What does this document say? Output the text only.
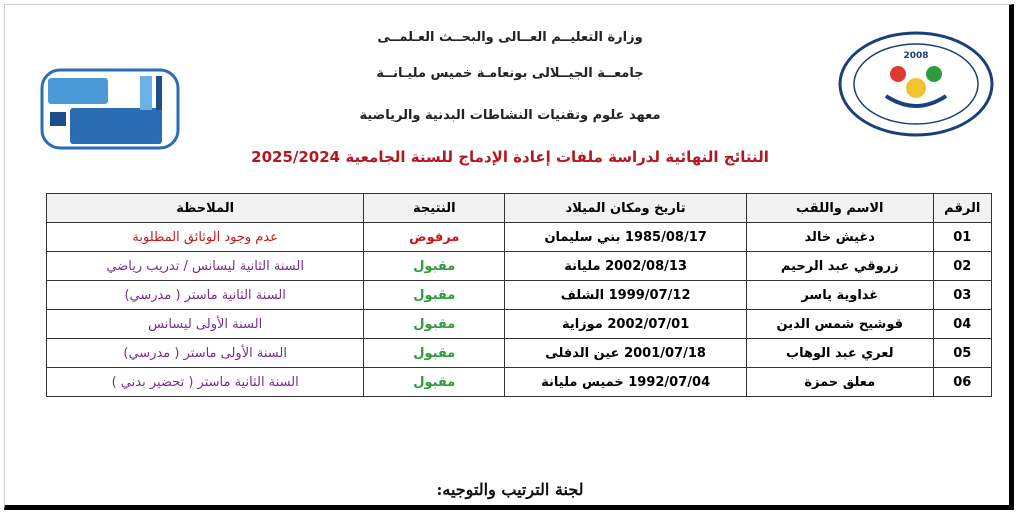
2008
وزارة التعليــم العــالى والبحــث العـلمــى
جامعــة الجيــلالى بونعامـة خميس مليـانــة
معهد علوم وتقنيات النشاطات البدنية والرياضية
النتائج النهائية لدراسة ملفات إعادة الإدماج للسنة الجامعية 2025/2024
الرقم	الاسم واللقب	تاريخ ومكان الميلاد	النتيجة	الملاحظة
01	دغيش خالد	1985/08/17 بني سليمان	مرفوض	عدم وجود الوثائق المطلوبة
02	زروقي عبد الرحيم	2002/08/13 مليانة	مقبول	السنة الثانية ليسانس / تدريب رياضي
03	غداوية ياسر	1999/07/12 الشلف	مقبول	السنة الثانية ماستر ( مدرسي)
04	قوشيح شمس الدين	2002/07/01 موزاية	مقبول	السنة الأولى ليسانس
05	لعري عبد الوهاب	2001/07/18 عين الدفلى	مقبول	السنة الأولى ماستر ( مدرسي)
06	معلق حمزة	1992/07/04 خميس مليانة	مقبول	السنة الثانية ماستر ( تحضير بدني )
لجنة الترتيب والتوجيه:
